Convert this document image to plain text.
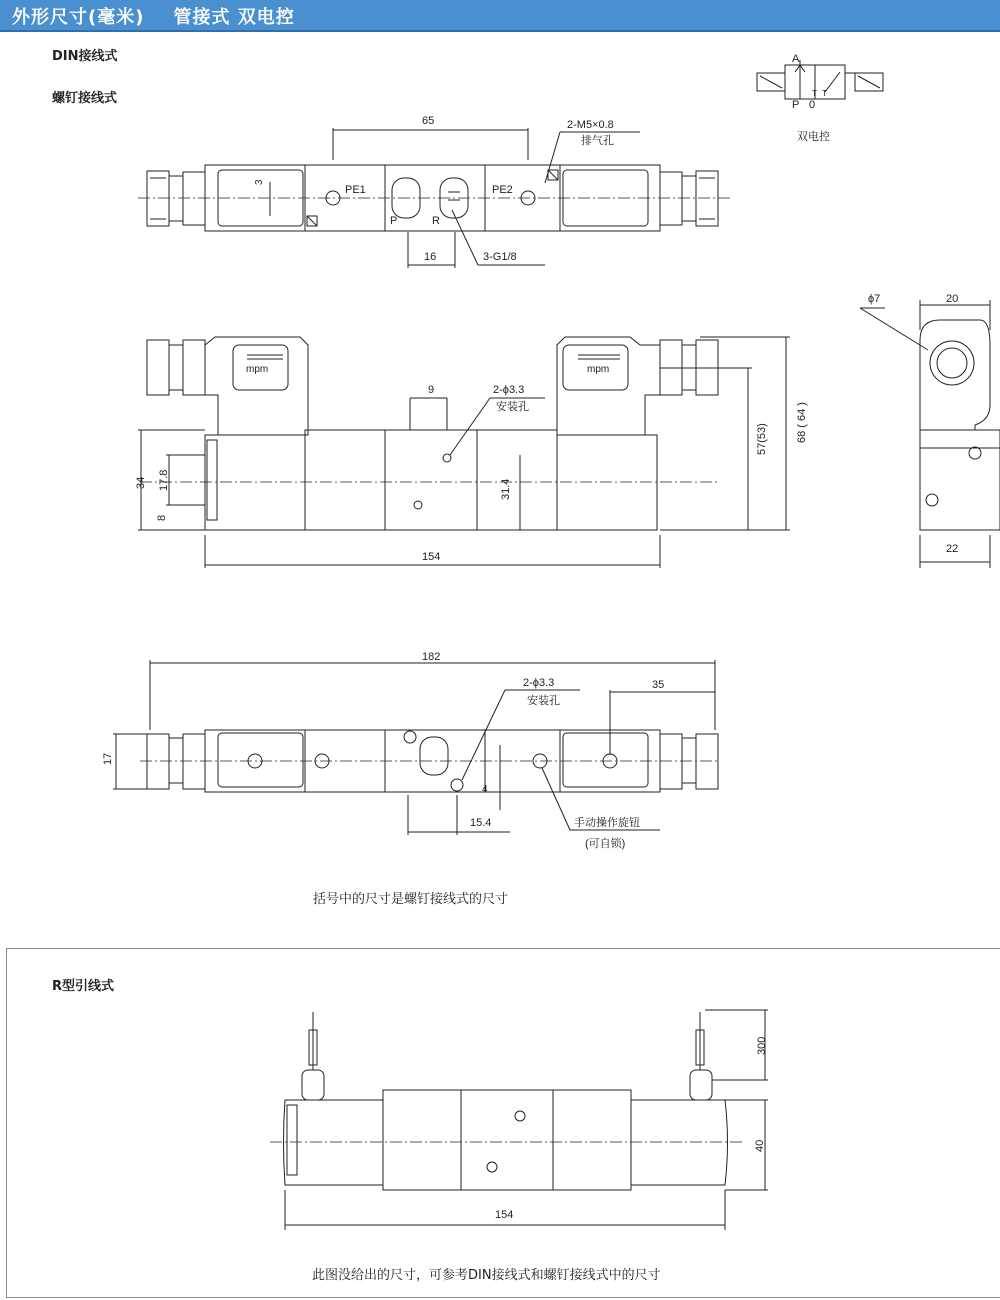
外形尺寸(毫米) 管接式 双电控
DIN接线式
螺钉接线式
R型引线式
A
P 0
T T
双电控
65
3
PE1	PE2
P	R
16	3-G1/8
2-M5×0.8
排气孔
mpm	mpm
34 17.8
8
31.4
154
9	2-ϕ3.3
安装孔
57(53)	68 ( 64 )
ϕ7	20
22
182
35
17
15.4
4
2-ϕ3.3
安装孔
手动操作旋钮
(可自锁)
154
300
40
括号中的尺寸是螺钉接线式的尺寸
此图没给出的尺寸，可参考DIN接线式和螺钉接线式中的尺寸
